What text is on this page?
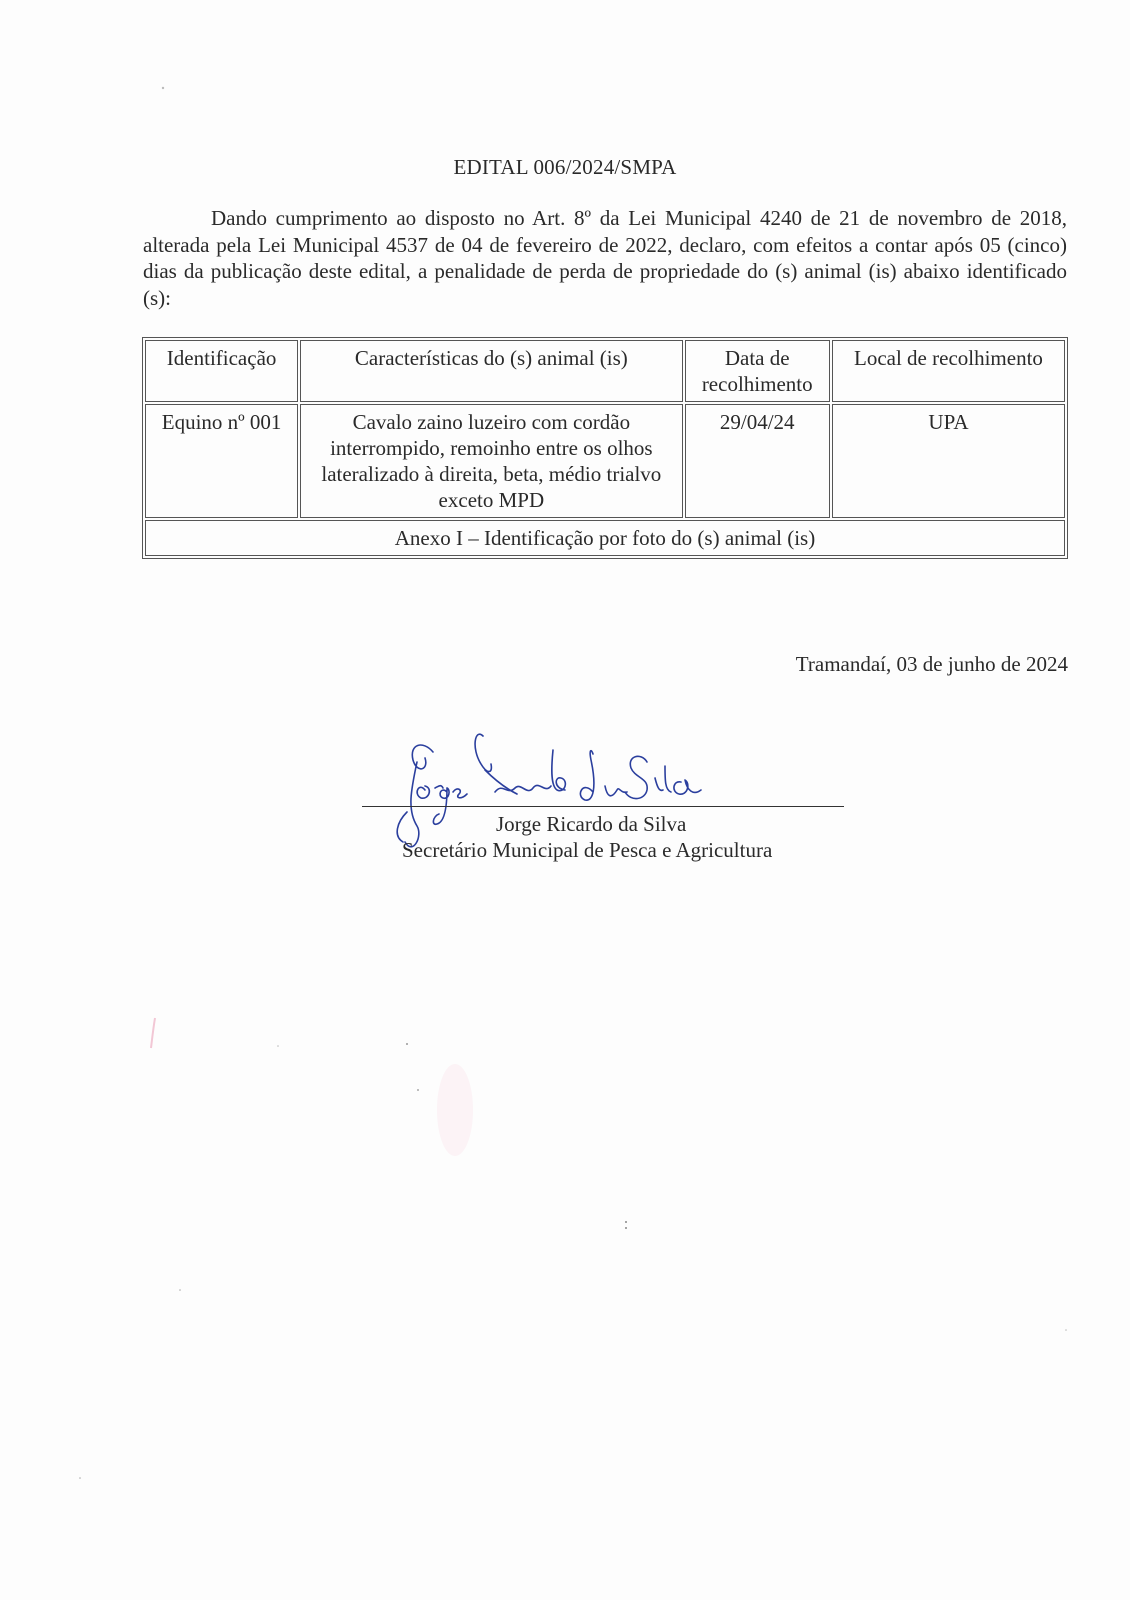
EDITAL 006/2024/SMPA

Dando cumprimento ao disposto no Art. 8º da Lei Municipal 4240 de 21 de novembro de 2018, alterada pela Lei Municipal 4537 de 04 de fevereiro de 2022, declaro, com efeitos a contar após 05 (cinco) dias da publicação deste edital, a penalidade de perda de propriedade do (s) animal (is) abaixo identificado (s):

Identificação	Características do (s) animal (is)	Data de recolhimento	Local de recolhimento
Equino nº 001	Cavalo zaino luzeiro com cordão interrompido, remoinho entre os olhos lateralizado à direita, beta, médio trialvo exceto MPD	29/04/24	UPA
Anexo I – Identificação por foto do (s) animal (is)			
Tramandaí, 03 de junho de 2024
Jorge Ricardo da Silva
Secretário Municipal de Pesca e Agricultura
